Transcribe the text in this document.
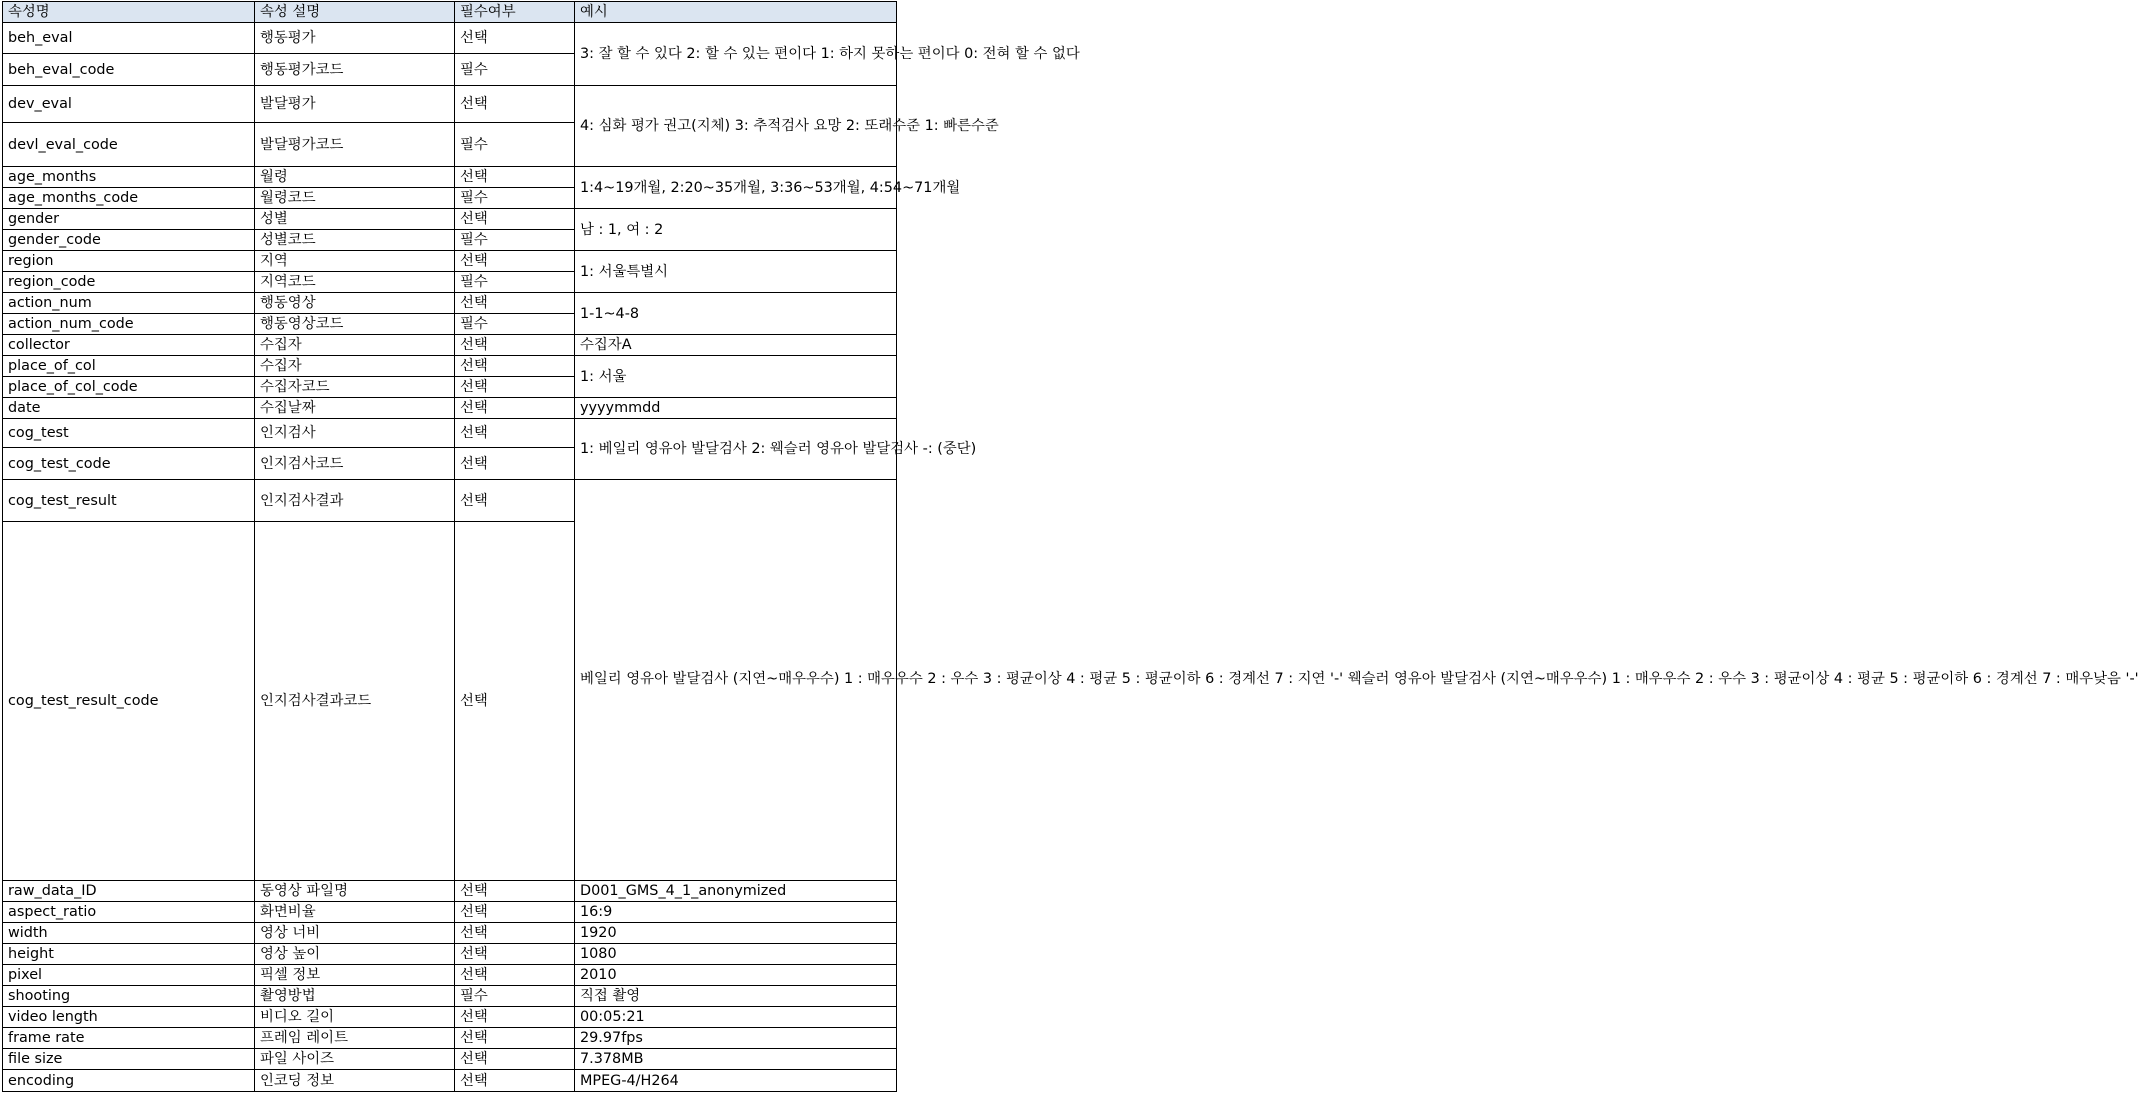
속성명	속성 설명	필수여부	예시
beh_eval	행동평가	선택	3: 잘 할 수 있다 2: 할 수 있는 편이다 1: 하지 못하는 편이다 0: 전혀 할 수 없다
beh_eval_code	행동평가코드	필수	
dev_eval	발달평가	선택	4: 심화 평가 권고(지체) 3: 추적검사 요망 2: 또래수준 1: 빠른수준
devl_eval_code	발달평가코드	필수	
age_months	월령	선택	1:4~19개월, 2:20~35개월, 3:36~53개월, 4:54~71개월
age_months_code	월령코드	필수	
gender	성별	선택	남 : 1, 여 : 2
gender_code	성별코드	필수	
region	지역	선택	1: 서울특별시
region_code	지역코드	필수	
action_num	행동영상	선택	1-1~4-8
action_num_code	행동영상코드	필수	
collector	수집자	선택	수집자A
place_of_col	수집자	선택	1: 서울
place_of_col_code	수집자코드	선택	
date	수집날짜	선택	yyyymmdd
cog_test	인지검사	선택	1: 베일리 영유아 발달검사 2: 웩슬러 영유아 발달검사 -: (중단)
cog_test_code	인지검사코드	선택	
cog_test_result	인지검사결과	선택	베일리 영유아 발달검사 (지연~매우우수) 1 : 매우우수 2 : 우수 3 : 평균이상 4 : 평균 5 : 평균이하 6 : 경계선 7 : 지연 '-' 웩슬러 영유아 발달검사 (지연~매우우수) 1 : 매우우수 2 : 우수 3 : 평균이상 4 : 평균 5 : 평균이하 6 : 경계선 7 : 매우낮음 '-'
cog_test_result_code	인지검사결과코드	선택	
raw_data_ID	동영상 파일명	선택	D001_GMS_4_1_anonymized
aspect_ratio	화면비율	선택	16:9
width	영상 너비	선택	1920
height	영상 높이	선택	1080
pixel	픽셀 정보	선택	2010
shooting	촬영방법	필수	직접 촬영
video length	비디오 길이	선택	00:05:21
frame rate	프레임 레이트	선택	29.97fps
file size	파일 사이즈	선택	7.378MB
encoding	인코딩 정보	선택	MPEG-4/H264
